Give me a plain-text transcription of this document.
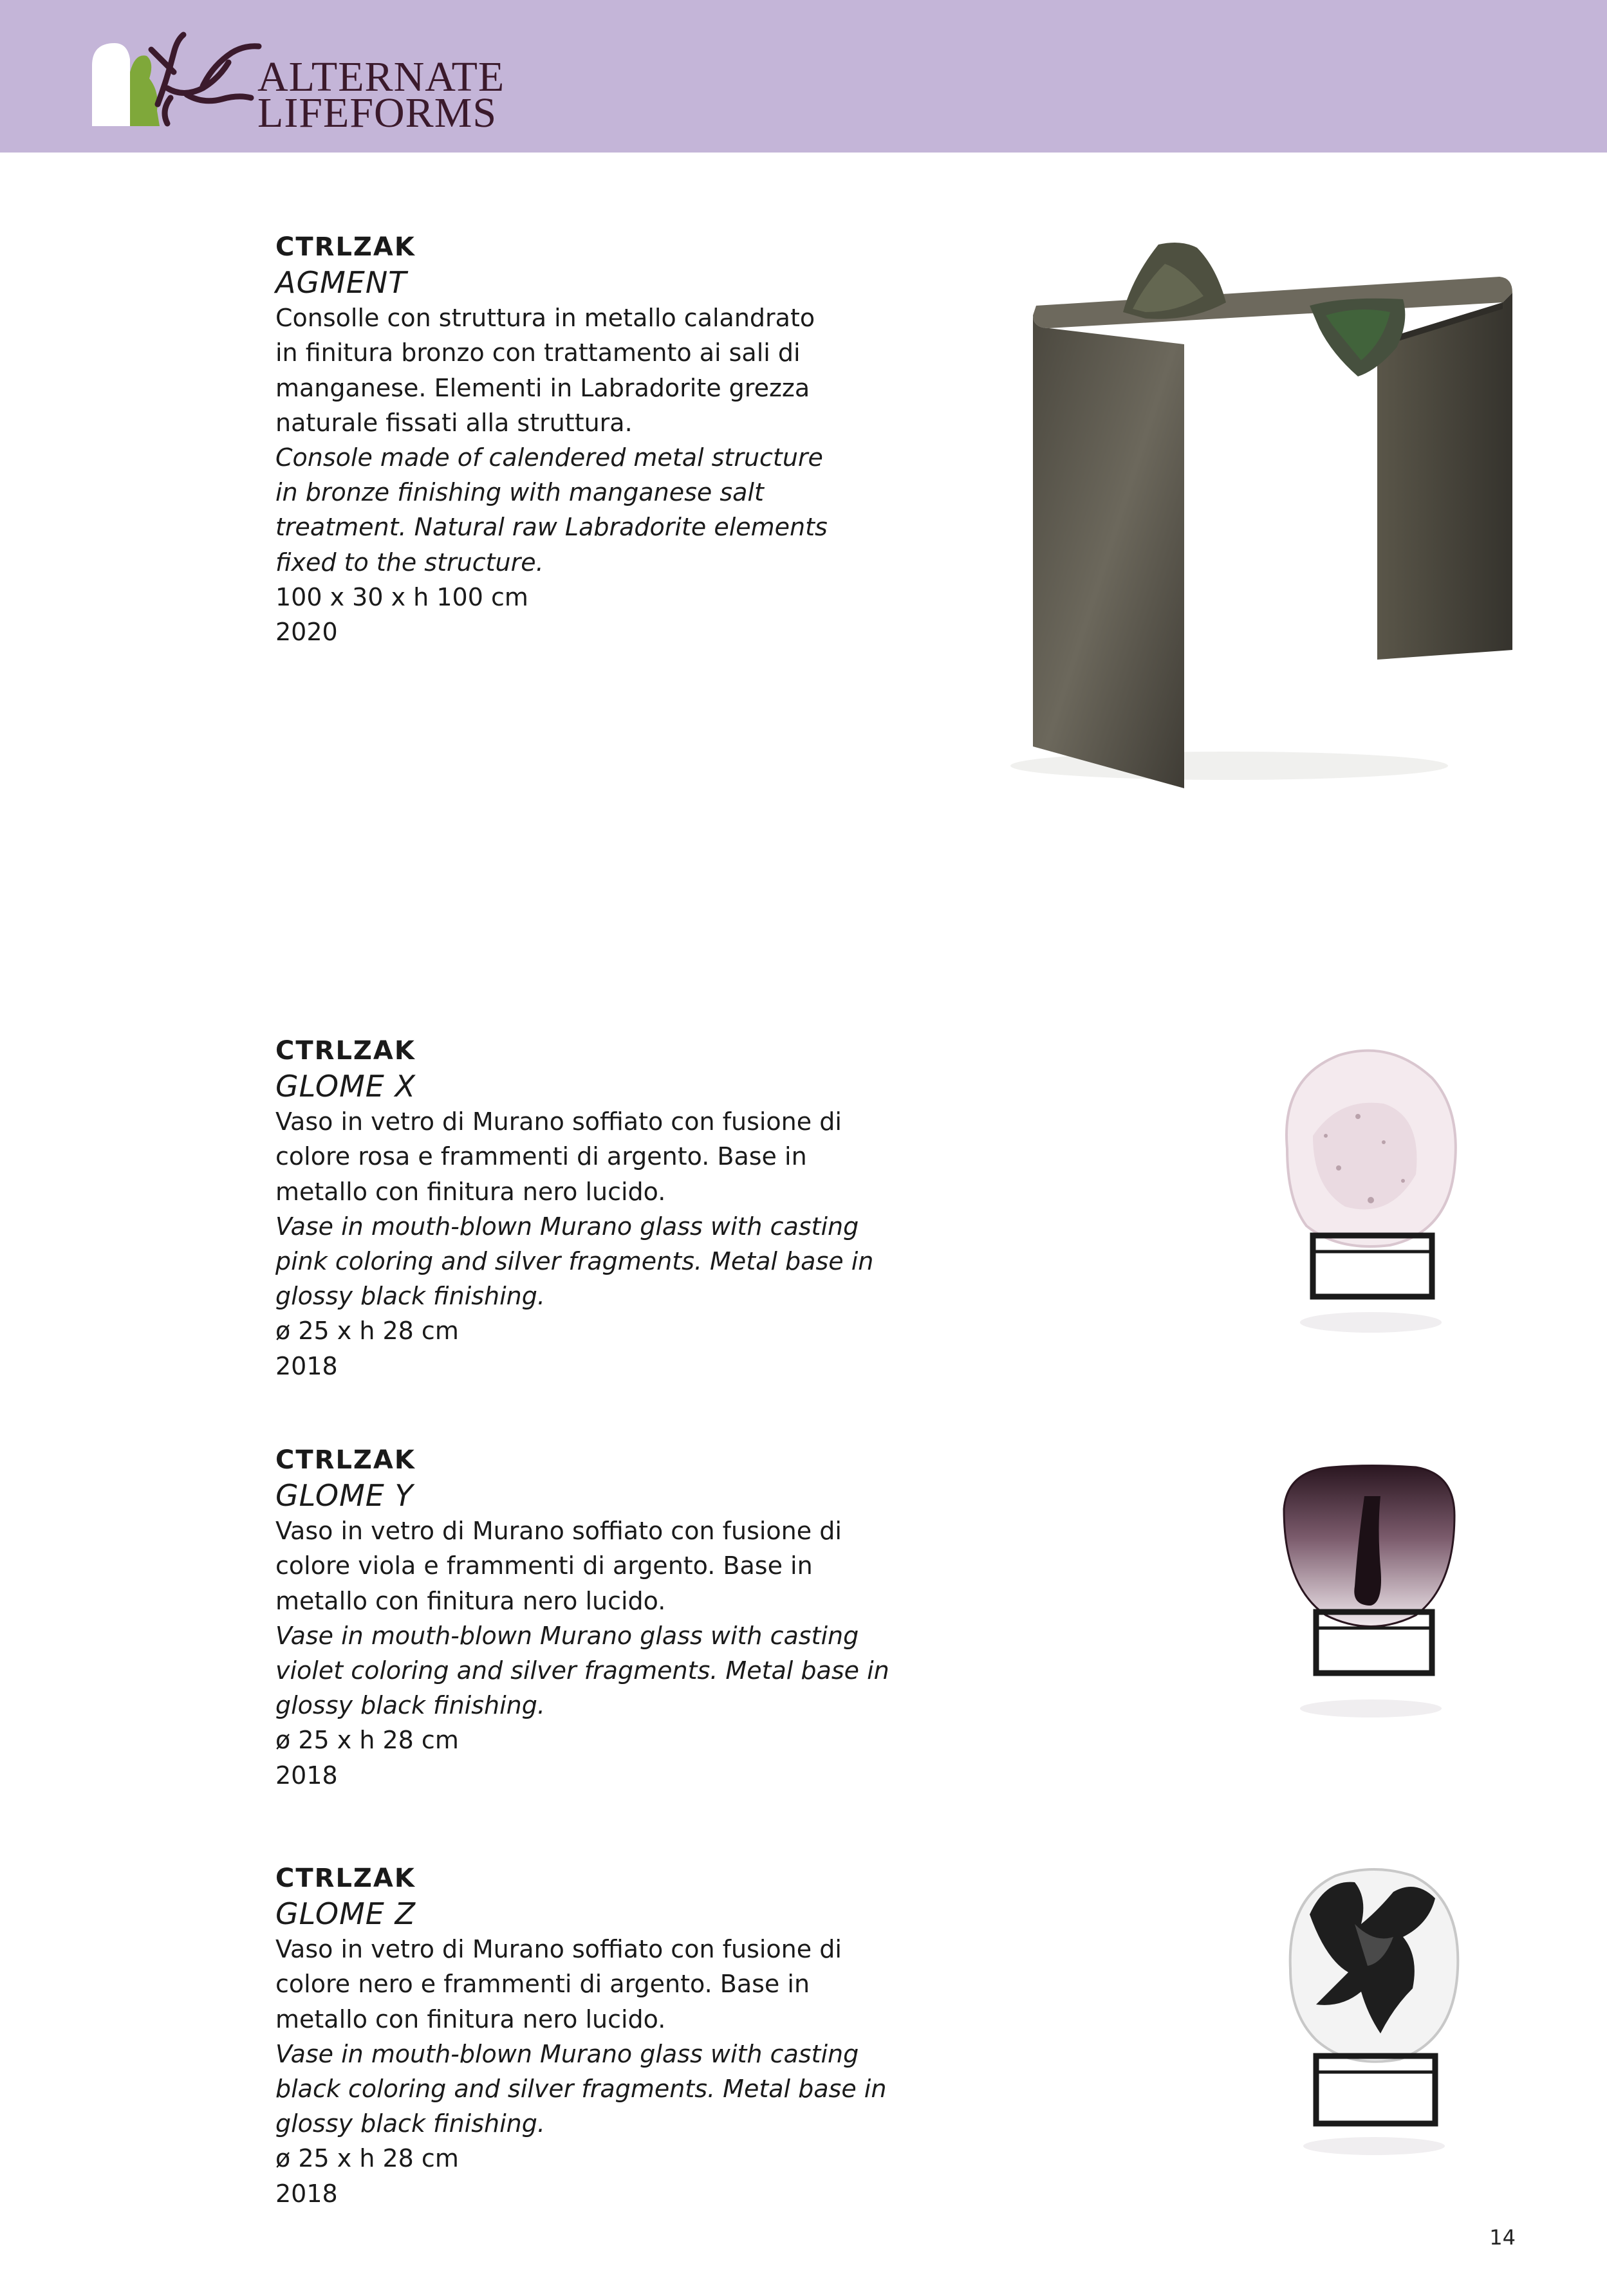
ALTERNATE
LIFEFORMS

CTRLZAK

AGMENT

Consolle con struttura in metallo calandrato in finitura bronzo con trattamento ai sali di manganese. Elementi in Labradorite grezza naturale fissati alla struttura.

Console made of calendered metal structure in bronze finishing with manganese salt treatment. Natural raw Labradorite elements fixed to the structure.

100 x 30 x h 100 cm

2020

CTRLZAK

GLOME X

Vaso in vetro di Murano soffiato con fusione di colore rosa e frammenti di argento. Base in metallo con finitura nero lucido.

Vase in mouth-blown Murano glass with casting pink coloring and silver fragments. Metal base in glossy black finishing.

ø 25 x h 28 cm

2018

CTRLZAK

GLOME Y

Vaso in vetro di Murano soffiato con fusione di colore viola e frammenti di argento. Base in metallo con finitura nero lucido.

Vase in mouth-blown Murano glass with casting violet coloring and silver fragments. Metal base in glossy black finishing.

ø 25 x h 28 cm

2018

CTRLZAK

GLOME Z

Vaso in vetro di Murano soffiato con fusione di colore nero e frammenti di argento. Base in metallo con finitura nero lucido.

Vase in mouth-blown Murano glass with casting black coloring and silver fragments. Metal base in glossy black finishing.

ø 25 x h 28 cm

2018

14
